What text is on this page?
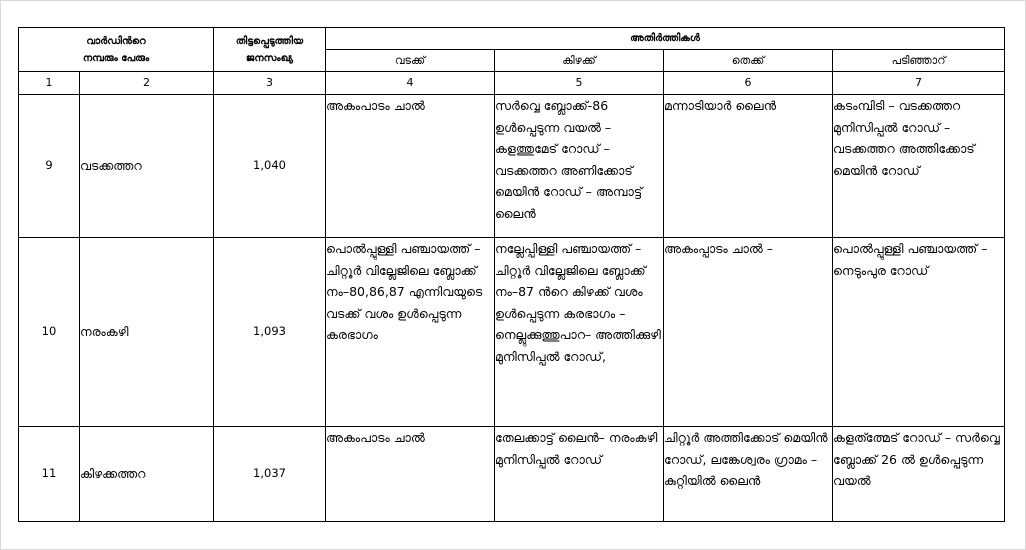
വാർഡിൻറെ
നമ്പരും പേരും		തിട്ടപ്പെടുത്തിയ
ജനസംഖ്യ	അതിർത്തികൾ			
			വടക്ക്	കിഴക്ക്	തെക്ക്	പടിഞ്ഞാറ്
1	2	3	4	5	6	7
9	വടക്കത്തറ	1,040	അകംപാടം ചാൽ	സർവ്വെ ബ്ലോക്ക്-86 ഉൾപ്പെടുന്ന വയൽ – കളത്തുമേട് റോഡ് – വടക്കത്തറ അണിക്കോട് മെയിൻ റോഡ് – അമ്പാട്ട് ലൈൻ	മന്നാടിയാർ ലൈൻ	കടംമ്പിടി – വടക്കത്തറ മുനിസിപ്പൽ റോഡ് – വടക്കത്തറ അത്തിക്കോട് മെയിൻ റോഡ്
10	നരംകഴി	1,093	പൊൽപ്പുള്ളി പഞ്ചായത്ത് – ചിറ്റൂർ വില്ലേജിലെ ബ്ലോക്ക് നം–80,86,87 എന്നിവയുടെ വടക്ക് വശം ഉൾപ്പെടുന്ന കരഭാഗം	നല്ലേപ്പിള്ളി പഞ്ചായത്ത് – ചിറ്റൂർ വില്ലേജിലെ ബ്ലോക്ക് നം–87 ൻറെ കിഴക്ക് വശം ഉൾപ്പെടുന്ന കരഭാഗം – നെല്ലുക്കുത്തുപാറ– അത്തിക്കുഴി മുനിസിപ്പൽ റോഡ്,	അകംപ്പാടം ചാൽ –	പൊൽപ്പുള്ളി പഞ്ചായത്ത് – നെടുംപുര റോഡ്
11	കിഴക്കത്തറ	1,037	അകംപാടം ചാൽ	തേലക്കാട്ട് ലൈൻ– നരംകഴി മുനിസിപ്പൽ റോഡ്	ചിറ്റൂർ അത്തിക്കോട് മെയിൻ റോഡ്, ലങ്കേശ്വരം ഗ്രാമം – കുറ്റിയിൽ ലൈൻ	കളത്ത്മേട് റോഡ് – സർവ്വെ ബ്ലോക്ക് 26 ൽ ഉൾപ്പെടുന്ന വയൽ
